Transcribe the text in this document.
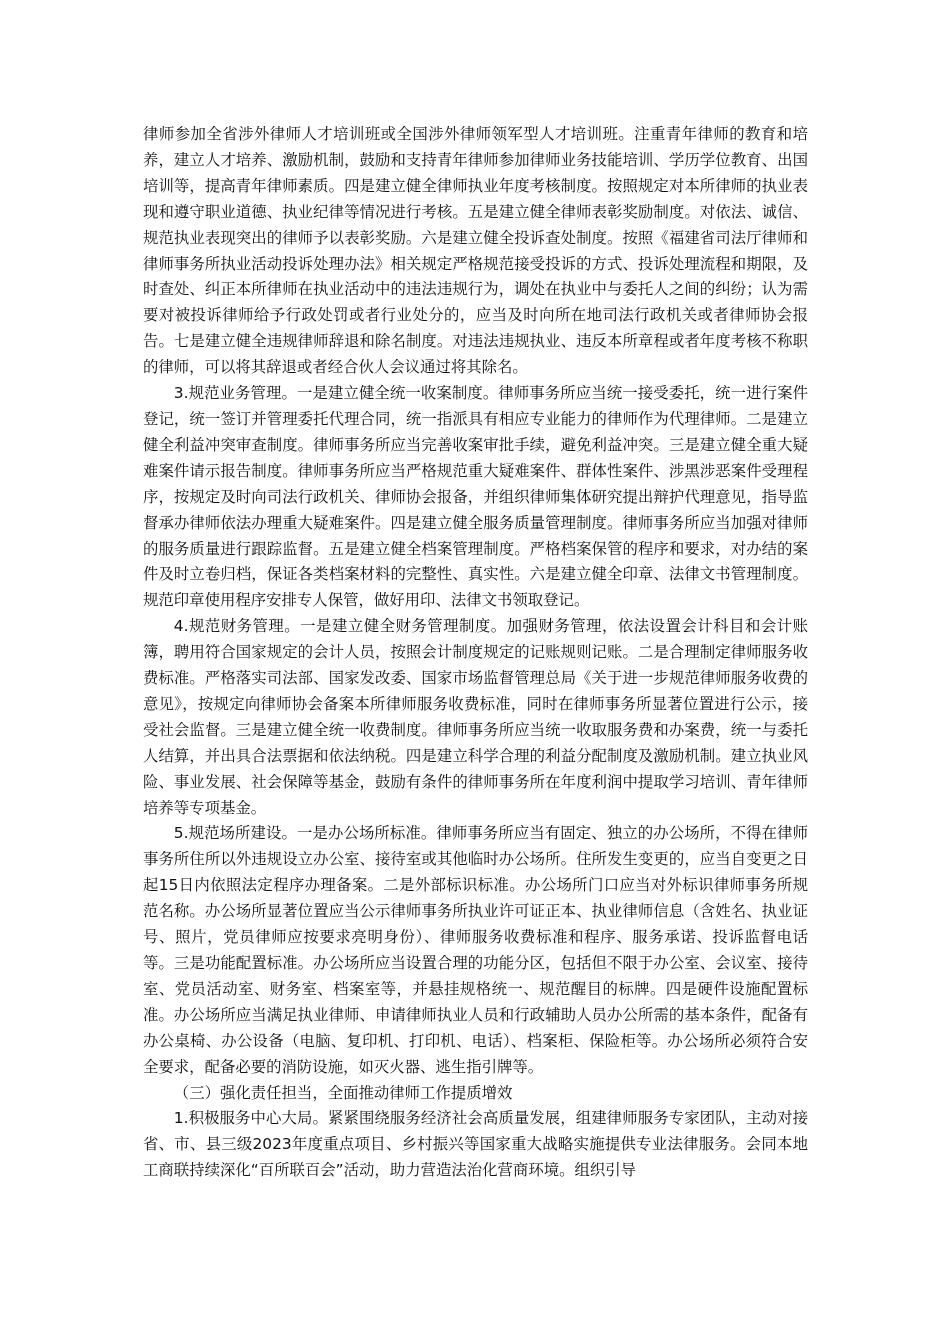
律师参加全省涉外律师人才培训班或全国涉外律师领军型人才培训班。注重青年律师的教育和培养，建立人才培养、激励机制，鼓励和支持青年律师参加律师业务技能培训、学历学位教育、出国培训等，提高青年律师素质。四是建立健全律师执业年度考核制度。按照规定对本所律师的执业表现和遵守职业道德、执业纪律等情况进行考核。五是建立健全律师表彰奖励制度。对依法、诚信、规范执业表现突出的律师予以表彰奖励。六是建立健全投诉查处制度。按照《福建省司法厅律师和律师事务所执业活动投诉处理办法》相关规定严格规范接受投诉的方式、投诉处理流程和期限，及时查处、纠正本所律师在执业活动中的违法违规行为，调处在执业中与委托人之间的纠纷；认为需要对被投诉律师给予行政处罚或者行业处分的，应当及时向所在地司法行政机关或者律师协会报告。七是建立健全违规律师辞退和除名制度。对违法违规执业、违反本所章程或者年度考核不称职的律师，可以将其辞退或者经合伙人会议通过将其除名。

3.规范业务管理。一是建立健全统一收案制度。律师事务所应当统一接受委托，统一进行案件登记，统一签订并管理委托代理合同，统一指派具有相应专业能力的律师作为代理律师。二是建立健全利益冲突审查制度。律师事务所应当完善收案审批手续，避免利益冲突。三是建立健全重大疑难案件请示报告制度。律师事务所应当严格规范重大疑难案件、群体性案件、涉黑涉恶案件受理程序，按规定及时向司法行政机关、律师协会报备，并组织律师集体研究提出辩护代理意见，指导监督承办律师依法办理重大疑难案件。四是建立健全服务质量管理制度。律师事务所应当加强对律师的服务质量进行跟踪监督。五是建立健全档案管理制度。严格档案保管的程序和要求，对办结的案件及时立卷归档，保证各类档案材料的完整性、真实性。六是建立健全印章、法律文书管理制度。规范印章使用程序安排专人保管，做好用印、法律文书领取登记。

4.规范财务管理。一是建立健全财务管理制度。加强财务管理，依法设置会计科目和会计账簿，聘用符合国家规定的会计人员，按照会计制度规定的记账规则记账。二是合理制定律师服务收费标准。严格落实司法部、国家发改委、国家市场监督管理总局《关于进一步规范律师服务收费的意见》，按规定向律师协会备案本所律师服务收费标准，同时在律师事务所显著位置进行公示，接受社会监督。三是建立健全统一收费制度。律师事务所应当统一收取服务费和办案费，统一与委托人结算，并出具合法票据和依法纳税。四是建立科学合理的利益分配制度及激励机制。建立执业风险、事业发展、社会保障等基金，鼓励有条件的律师事务所在年度利润中提取学习培训、青年律师培养等专项基金。

5.规范场所建设。一是办公场所标准。律师事务所应当有固定、独立的办公场所，不得在律师事务所住所以外违规设立办公室、接待室或其他临时办公场所。住所发生变更的，应当自变更之日起15日内依照法定程序办理备案。二是外部标识标准。办公场所门口应当对外标识律师事务所规范名称。办公场所显著位置应当公示律师事务所执业许可证正本、执业律师信息（含姓名、执业证号、照片，党员律师应按要求亮明身份）、律师服务收费标准和程序、服务承诺、投诉监督电话等。三是功能配置标准。办公场所应当设置合理的功能分区，包括但不限于办公室、会议室、接待室、党员活动室、财务室、档案室等，并悬挂规格统一、规范醒目的标牌。四是硬件设施配置标准。办公场所应当满足执业律师、申请律师执业人员和行政辅助人员办公所需的基本条件，配备有办公桌椅、办公设备（电脑、复印机、打印机、电话）、档案柜、保险柜等。办公场所必须符合安全要求，配备必要的消防设施，如灭火器、逃生指引牌等。

（三）强化责任担当，全面推动律师工作提质增效

1.积极服务中心大局。紧紧围绕服务经济社会高质量发展，组建律师服务专家团队，主动对接省、市、县三级2023年度重点项目、乡村振兴等国家重大战略实施提供专业法律服务。会同本地工商联持续深化“百所联百会”活动，助力营造法治化营商环境。组织引导
